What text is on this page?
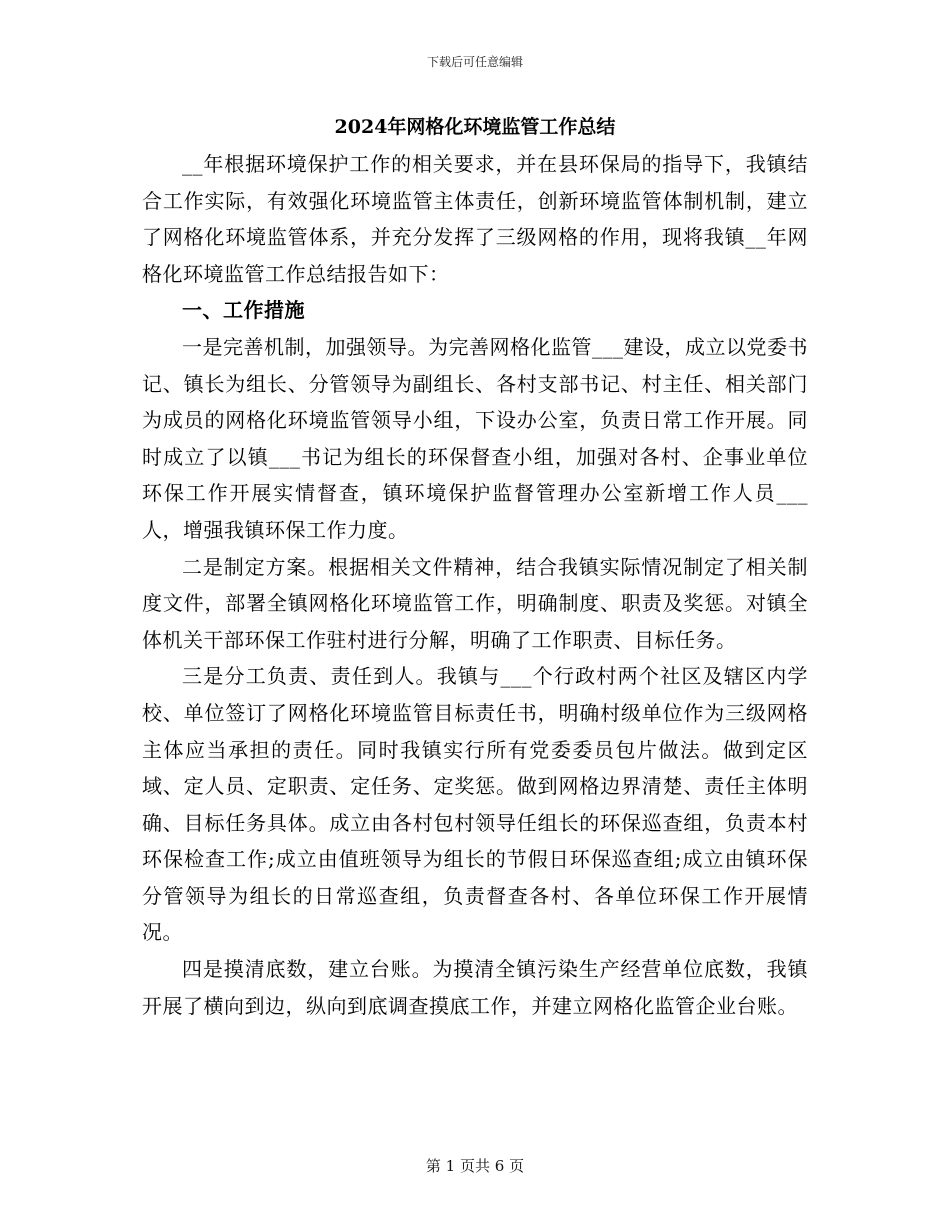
下载后可任意编辑
2024年网格化环境监管工作总结

__年根据环境保护工作的相关要求，并在县环保局的指导下，我镇结合工作实际，有效强化环境监管主体责任，创新环境监管体制机制，建立了网格化环境监管体系，并充分发挥了三级网格的作用，现将我镇__年网格化环境监管工作总结报告如下：

一、工作措施

一是完善机制，加强领导。为完善网格化监管___建设，成立以党委书记、镇长为组长、分管领导为副组长、各村支部书记、村主任、相关部门为成员的网格化环境监管领导小组，下设办公室，负责日常工作开展。同时成立了以镇___书记为组长的环保督查小组，加强对各村、企事业单位环保工作开展实情督查，镇环境保护监督管理办公室新增工作人员___人，增强我镇环保工作力度。

二是制定方案。根据相关文件精神，结合我镇实际情况制定了相关制度文件，部署全镇网格化环境监管工作，明确制度、职责及奖惩。对镇全体机关干部环保工作驻村进行分解，明确了工作职责、目标任务。

三是分工负责、责任到人。我镇与___个行政村两个社区及辖区内学校、单位签订了网格化环境监管目标责任书，明确村级单位作为三级网格主体应当承担的责任。同时我镇实行所有党委委员包片做法。做到定区域、定人员、定职责、定任务、定奖惩。做到网格边界清楚、责任主体明确、目标任务具体。成立由各村包村领导任组长的环保巡查组，负责本村环保检查工作;成立由值班领导为组长的节假日环保巡查组;成立由镇环保分管领导为组长的日常巡查组，负责督查各村、各单位环保工作开展情况。

四是摸清底数，建立台账。为摸清全镇污染生产经营单位底数，我镇开展了横向到边，纵向到底调查摸底工作，并建立网格化监管企业台账。

第 1 页共 6 页
